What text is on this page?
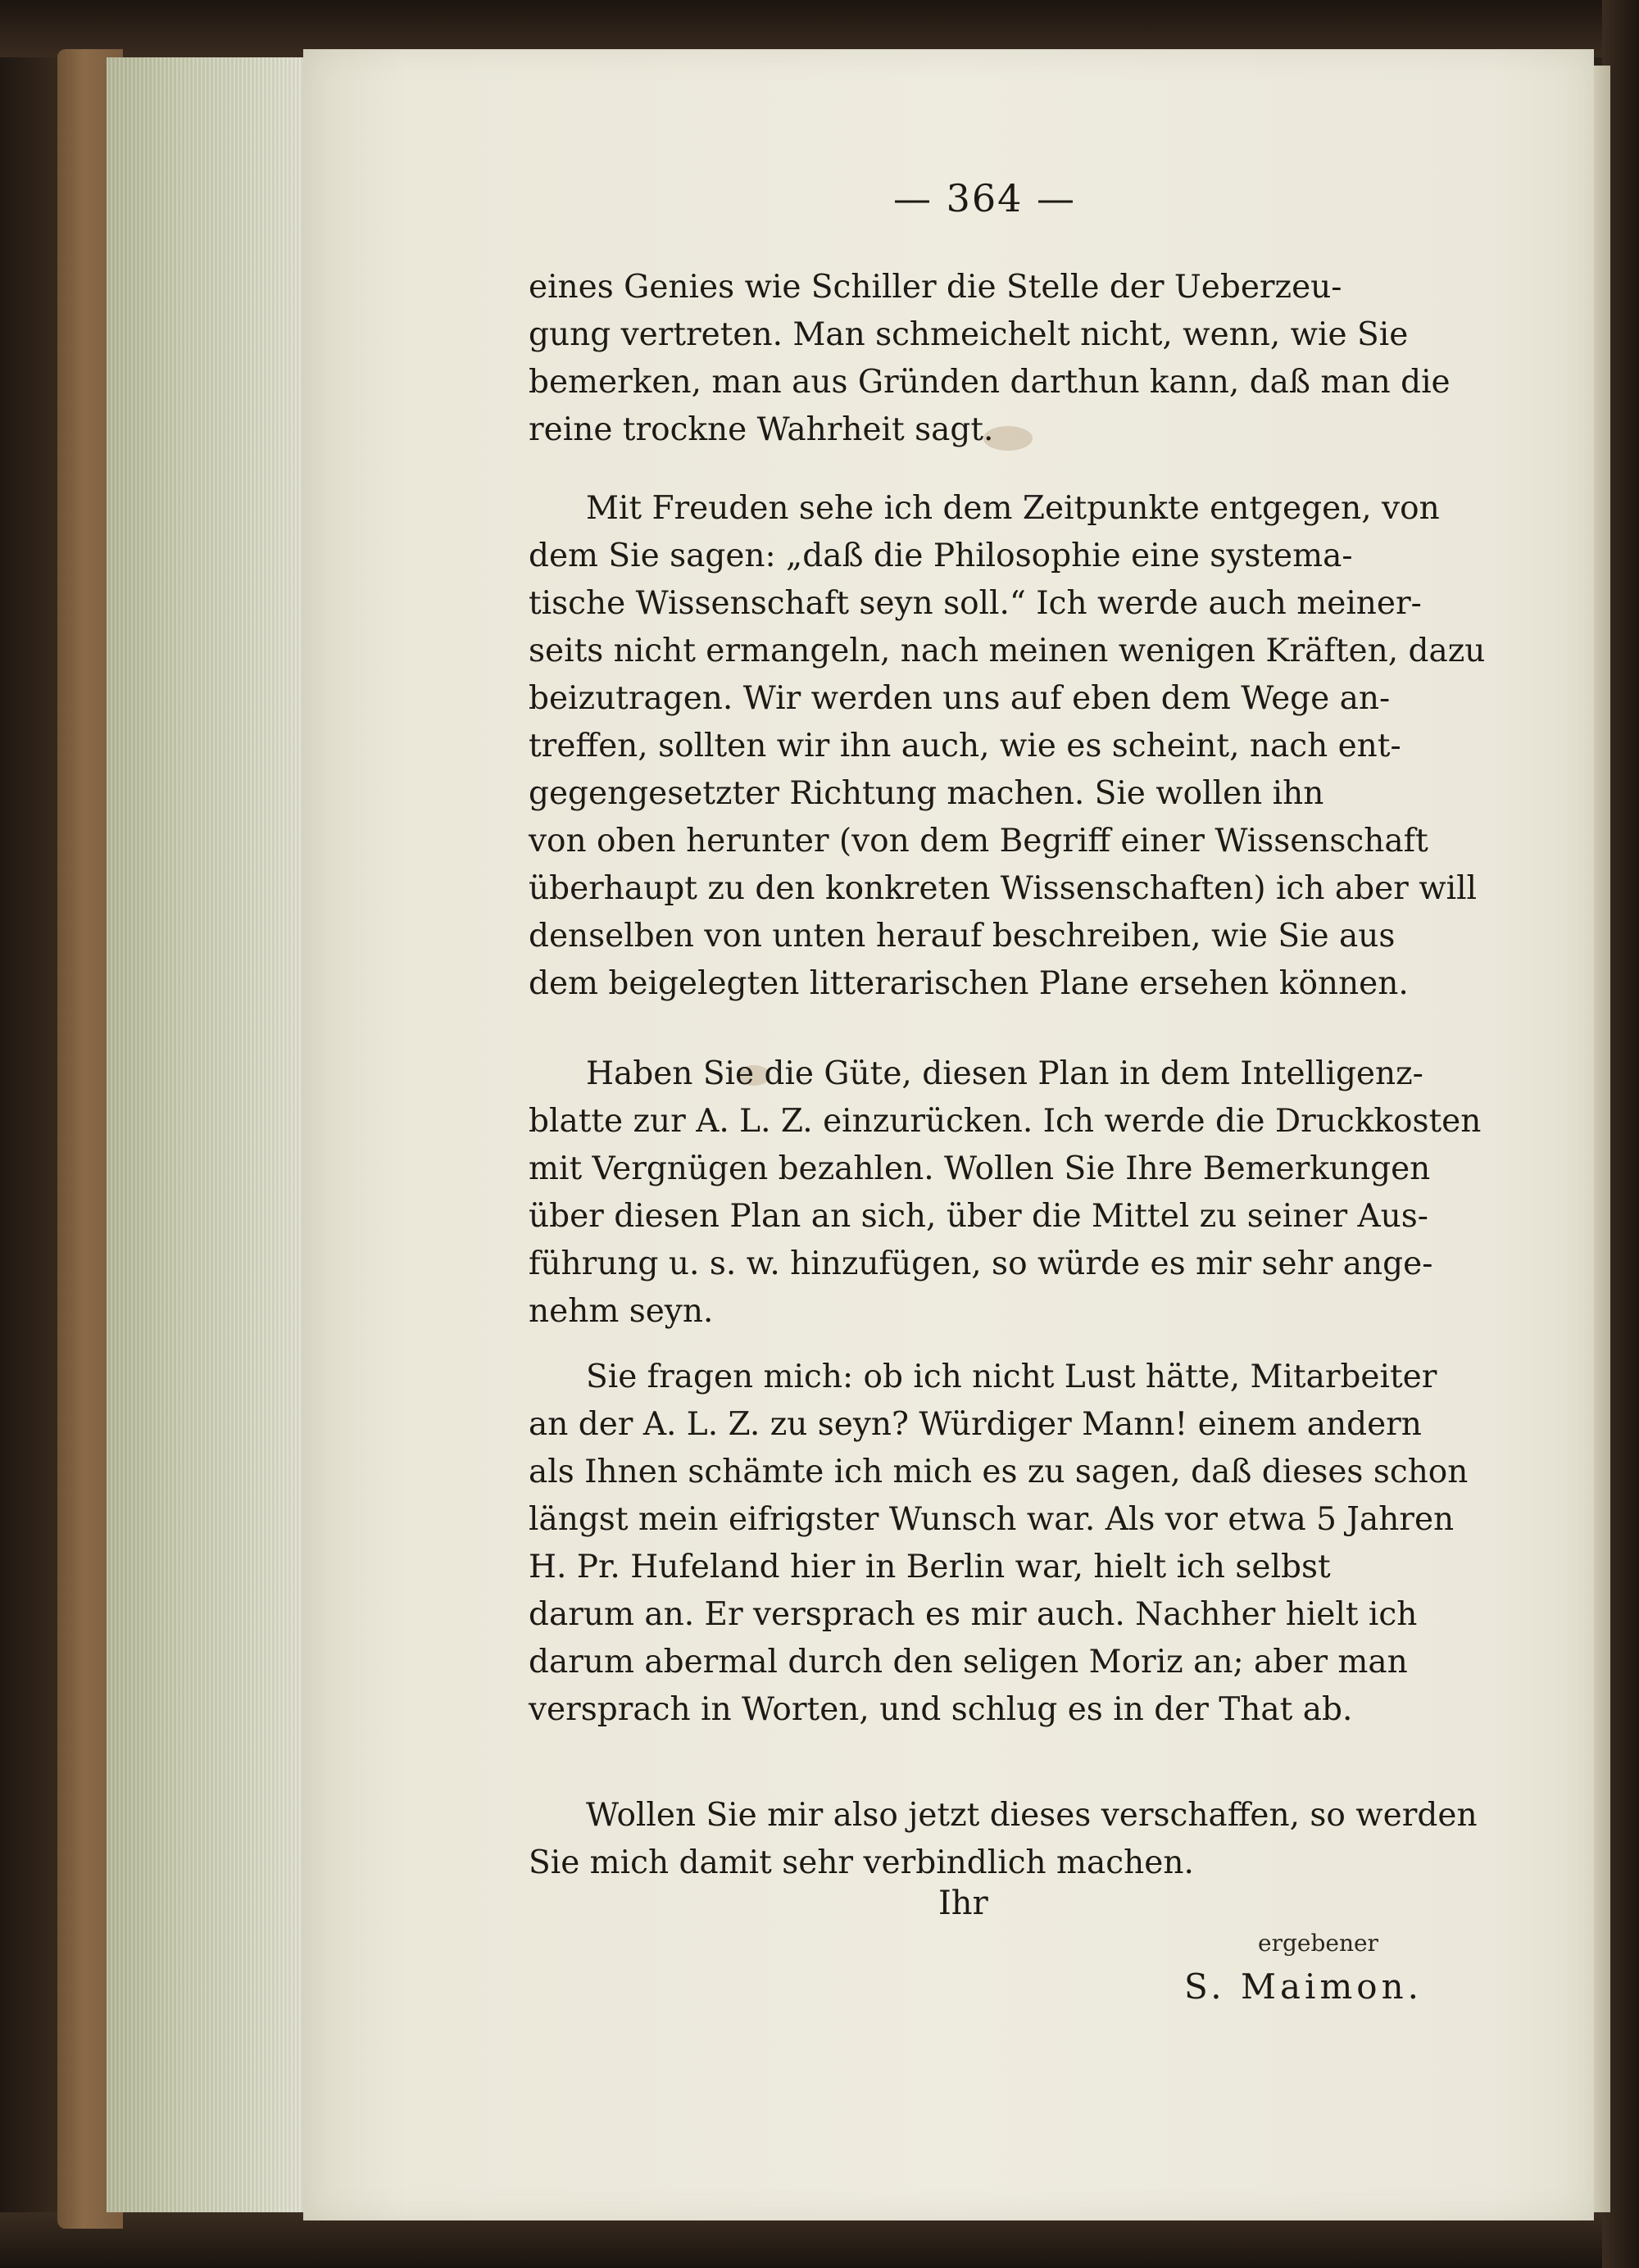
— 364 —
eines Genies wie Schiller die Stelle der Ueberzeu-
gung vertreten. Man schmeichelt nicht, wenn, wie Sie
bemerken, man aus Gründen darthun kann, daß man die
reine trockne Wahrheit sagt.
Mit Freuden sehe ich dem Zeitpunkte entgegen, von
dem Sie sagen: „daß die Philosophie eine systema-
tische Wissenschaft seyn soll.“ Ich werde auch meiner-
seits nicht ermangeln, nach meinen wenigen Kräften, dazu
beizutragen. Wir werden uns auf eben dem Wege an-
treffen, sollten wir ihn auch, wie es scheint, nach ent-
gegengesetzter Richtung machen. Sie wollen ihn
von oben herunter (von dem Begriff einer Wissenschaft
überhaupt zu den konkreten Wissenschaften) ich aber will
denselben von unten herauf beschreiben, wie Sie aus
dem beigelegten litterarischen Plane ersehen können.
Haben Sie die Güte, diesen Plan in dem Intelligenz-
blatte zur A. L. Z. einzurücken. Ich werde die Druckkosten
mit Vergnügen bezahlen. Wollen Sie Ihre Bemerkungen
über diesen Plan an sich, über die Mittel zu seiner Aus-
führung u. s. w. hinzufügen, so würde es mir sehr ange-
nehm seyn.
Sie fragen mich: ob ich nicht Lust hätte, Mitarbeiter
an der A. L. Z. zu seyn? Würdiger Mann! einem andern
als Ihnen schämte ich mich es zu sagen, daß dieses schon
längst mein eifrigster Wunsch war. Als vor etwa 5 Jahren
H. Pr. Hufeland hier in Berlin war, hielt ich selbst
darum an. Er versprach es mir auch. Nachher hielt ich
darum abermal durch den seligen Moriz an; aber man
versprach in Worten, und schlug es in der That ab.
Wollen Sie mir also jetzt dieses verschaffen, so werden
Sie mich damit sehr verbindlich machen.
Ihr
ergebener
S. Maimon.
